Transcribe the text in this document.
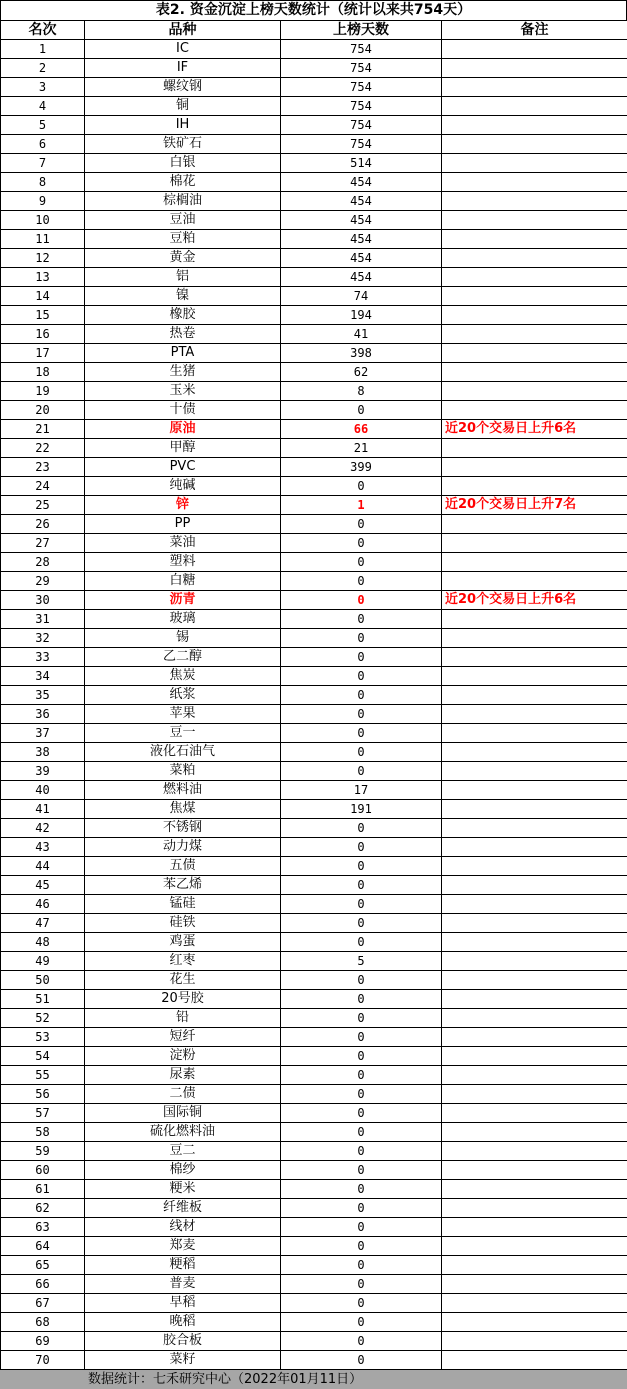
表2. 资金沉淀上榜天数统计（统计以来共754天）
名次	品种	上榜天数	备注
1	IC	754	
2	IF	754	
3	螺纹钢	754	
4	铜	754	
5	IH	754	
6	铁矿石	754	
7	白银	514	
8	棉花	454	
9	棕榈油	454	
10	豆油	454	
11	豆粕	454	
12	黄金	454	
13	铝	454	
14	镍	74	
15	橡胶	194	
16	热卷	41	
17	PTA	398	
18	生猪	62	
19	玉米	8	
20	十债	0	
21	原油	66	近20个交易日上升6名
22	甲醇	21	
23	PVC	399	
24	纯碱	0	
25	锌	1	近20个交易日上升7名
26	PP	0	
27	菜油	0	
28	塑料	0	
29	白糖	0	
30	沥青	0	近20个交易日上升6名
31	玻璃	0	
32	锡	0	
33	乙二醇	0	
34	焦炭	0	
35	纸浆	0	
36	苹果	0	
37	豆一	0	
38	液化石油气	0	
39	菜粕	0	
40	燃料油	17	
41	焦煤	191	
42	不锈钢	0	
43	动力煤	0	
44	五债	0	
45	苯乙烯	0	
46	锰硅	0	
47	硅铁	0	
48	鸡蛋	0	
49	红枣	5	
50	花生	0	
51	20号胶	0	
52	铅	0	
53	短纤	0	
54	淀粉	0	
55	尿素	0	
56	二债	0	
57	国际铜	0	
58	硫化燃料油	0	
59	豆二	0	
60	棉纱	0	
61	粳米	0	
62	纤维板	0	
63	线材	0	
64	郑麦	0	
65	粳稻	0	
66	普麦	0	
67	早稻	0	
68	晚稻	0	
69	胶合板	0	
70	菜籽	0	
数据统计：七禾研究中心（2022年01月11日）
